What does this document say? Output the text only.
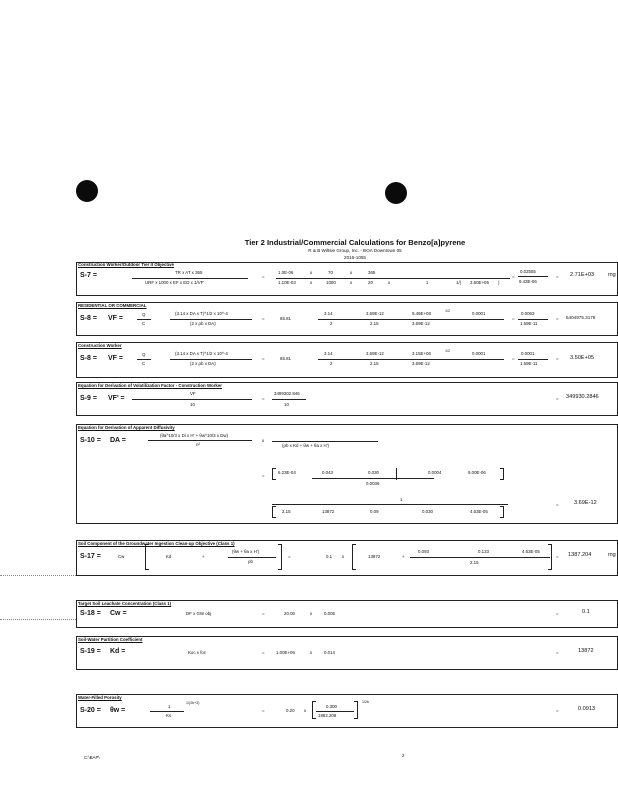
Tier 2 Industrial/Commercial Calculations for Benzo[a]pyrene
R & B Wiltsie Group, Inc. - BOA Downtown 05
2016-1055
Construction Worker/Outdoor Tier II Objective
S-7 =	TR x AT x 365
URF x 1000 x EF x ED x 1/VF'
=
1.0E-06	x	70	x	365
1.10E-03	x	1000	x	20	x	1	1/( 3.50E+05 )
=
0.02555
9.43E-06
= 2.71E+03 mg
RESIDENTIAL OR COMMERCIAL
S-8 = VF =
Q
C
(3.14 x DA x T)^1/2 x 10^-4
(2 x ρb x DA)
=	85.81
3.14	3.69E-12	9.46E+08	1/2	0.0001
2	2.15	3.69E-12
=
0.0063
1.59E-11
= 5404975.3178
Construction Worker
S-8 = VF =
Q
C
(3.14 x DA x T)^1/2 x 10^-4
(2 x ρb x DA)
=	85.81
3.14	3.69E-12	3.15E+06	1/2	0.0001
2	2.15	3.69E-12
=
0.0001
1.59E-11
= 3.50E+05
Equation for Derivation of Volatilization Factor - Construction Worker
S-9 = VF' =
VF
10
=
3499302.846
10
= 349930.2846
Equation for Derivation of Apparent Diffusivity
S-10 = DA =
(θa^10/3 x Di x H' + θw^10/3 x Dw)
n²
x
(ρb x Kd + θw + θa x H')
=
6.23E-04	0.043	0.030	0.0004	9.00E-06
0.0036
1
2.15	13872	0.09	0.030	4.63E-05
=	3.69E-12
Soil Component of the Groundwater Ingestion Clean-up Objective (Class 1)
S-17 =	Cw	Kd	+
(θw + θa x H')
ρb
=	0.1 x	13872	+
0.093	0.133	4.63E-05
2.15
= 1387.204	mg
Target Soil Leachate Concentration (Class 1)
S-18 = Cw =	DF x GW obj	=	20.00	x	0.005	=	0.1
Soil-Water Partition Coefficient
S-19 = Kd =	Koc x foc	=	1.00E+06	x	0.014	=	13872
Water-Filled Porosity
S-20 = θw =
1
1/(2b+3)
Ks
=	0.20 x
0.300
1882.208
1/2b
=	0.0913
C:\BAP\	2
